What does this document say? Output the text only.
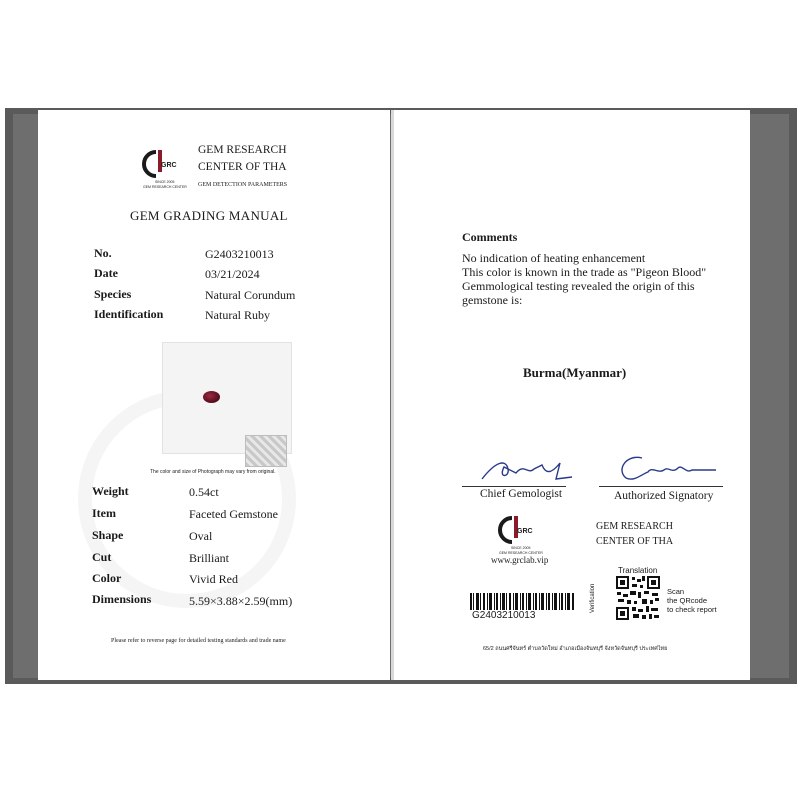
GRC
SINCE 2005
GEM RESEARCH CENTER
GEM RESEARCH
CENTER OF THA
GEM DETECTION PARAMETERS
GEM GRADING MANUAL
No.	G2403210013
Date	03/21/2024
Species	Natural Corundum
Identification	Natural Ruby
The color and size of Photograph may vary from original.
Weight	0.54ct
Item	Faceted Gemstone
Shape	Oval
Cut	Brilliant
Color	Vivid Red
Dimensions	5.59×3.88×2.59(mm)
Please refer to reverse page for detailed testing standards and trade name
Comments
No indication of heating enhancement
This color is known in the trade as "Pigeon Blood"
Gemmological testing revealed the origin of this
gemstone is:
Burma(Myanmar)
Chief Gemologist	Authorized Signatory
GRC
SINCE 2005
GEM RESEARCH CENTER
www.grclab.vip
GEM RESEARCH
CENTER OF THA
Translation
Verification	Scan
the QRcode
to check report
G2403210013
65/2 ถนนศรีจันทร์ ตำบลวัดใหม่ อำเภอเมืองจันทบุรี จังหวัดจันทบุรี ประเทศไทย
